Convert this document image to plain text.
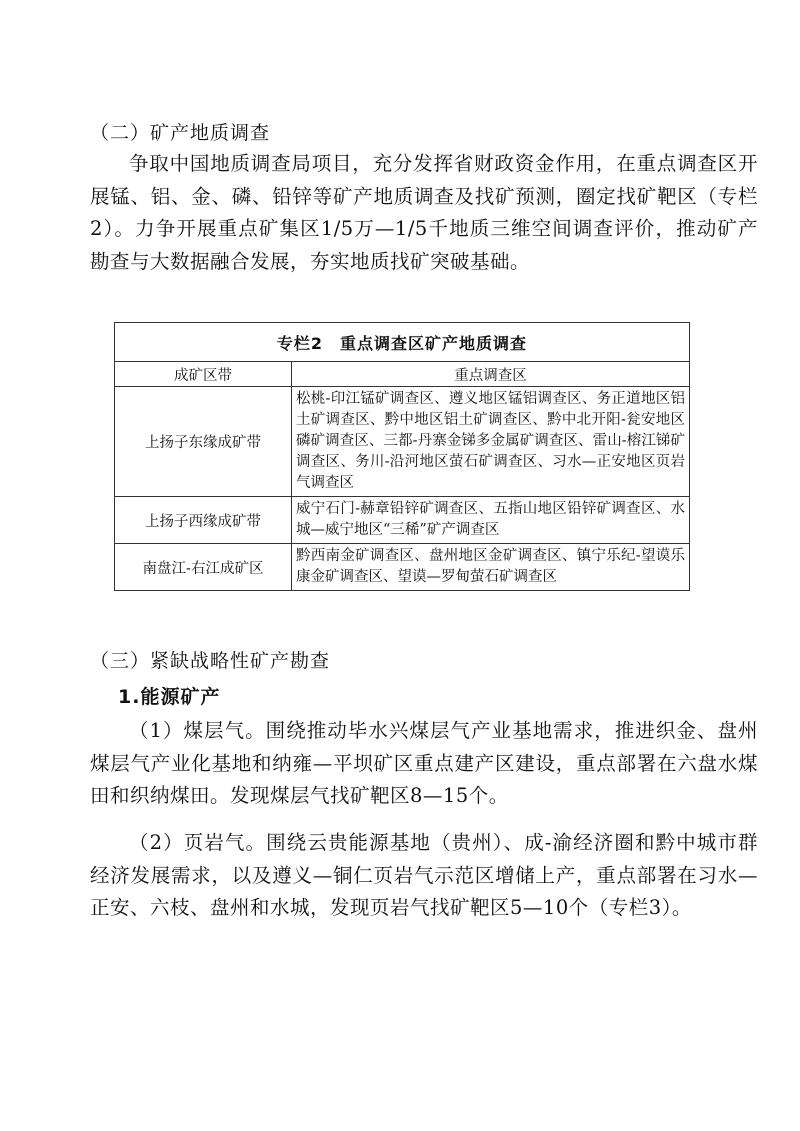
（二）矿产地质调查

争取中国地质调查局项目，充分发挥省财政资金作用，在重点调查区开展锰、铝、金、磷、铅锌等矿产地质调查及找矿预测，圈定找矿靶区（专栏2）。力争开展重点矿集区1/5万—1/5千地质三维空间调查评价，推动矿产勘查与大数据融合发展，夯实地质找矿突破基础。

专栏2　重点调查区矿产地质调查	
成矿区带	重点调查区
上扬子东缘成矿带	松桃-印江锰矿调查区、遵义地区锰铝调查区、务正道地区铝土矿调查区、黔中地区铝土矿调查区、黔中北开阳-瓮安地区磷矿调查区、三都-丹寨金锑多金属矿调查区、雷山-榕江锑矿调查区、务川-沿河地区萤石矿调查区、习水—正安地区页岩气调查区
上扬子西缘成矿带	威宁石门-赫章铅锌矿调查区、五指山地区铅锌矿调查区、水城—威宁地区“三稀”矿产调查区
南盘江-右江成矿区	黔西南金矿调查区、盘州地区金矿调查区、镇宁乐纪-望谟乐康金矿调查区、望谟—罗甸萤石矿调查区
（三）紧缺战略性矿产勘查
1.能源矿产

（1）煤层气。围绕推动毕水兴煤层气产业基地需求，推进织金、盘州煤层气产业化基地和纳雍—平坝矿区重点建产区建设，重点部署在六盘水煤田和织纳煤田。发现煤层气找矿靶区8—15个。

（2）页岩气。围绕云贵能源基地（贵州）、成-渝经济圈和黔中城市群经济发展需求，以及遵义—铜仁页岩气示范区增储上产，重点部署在习水—正安、六枝、盘州和水城，发现页岩气找矿靶区5—10个（专栏3）。
